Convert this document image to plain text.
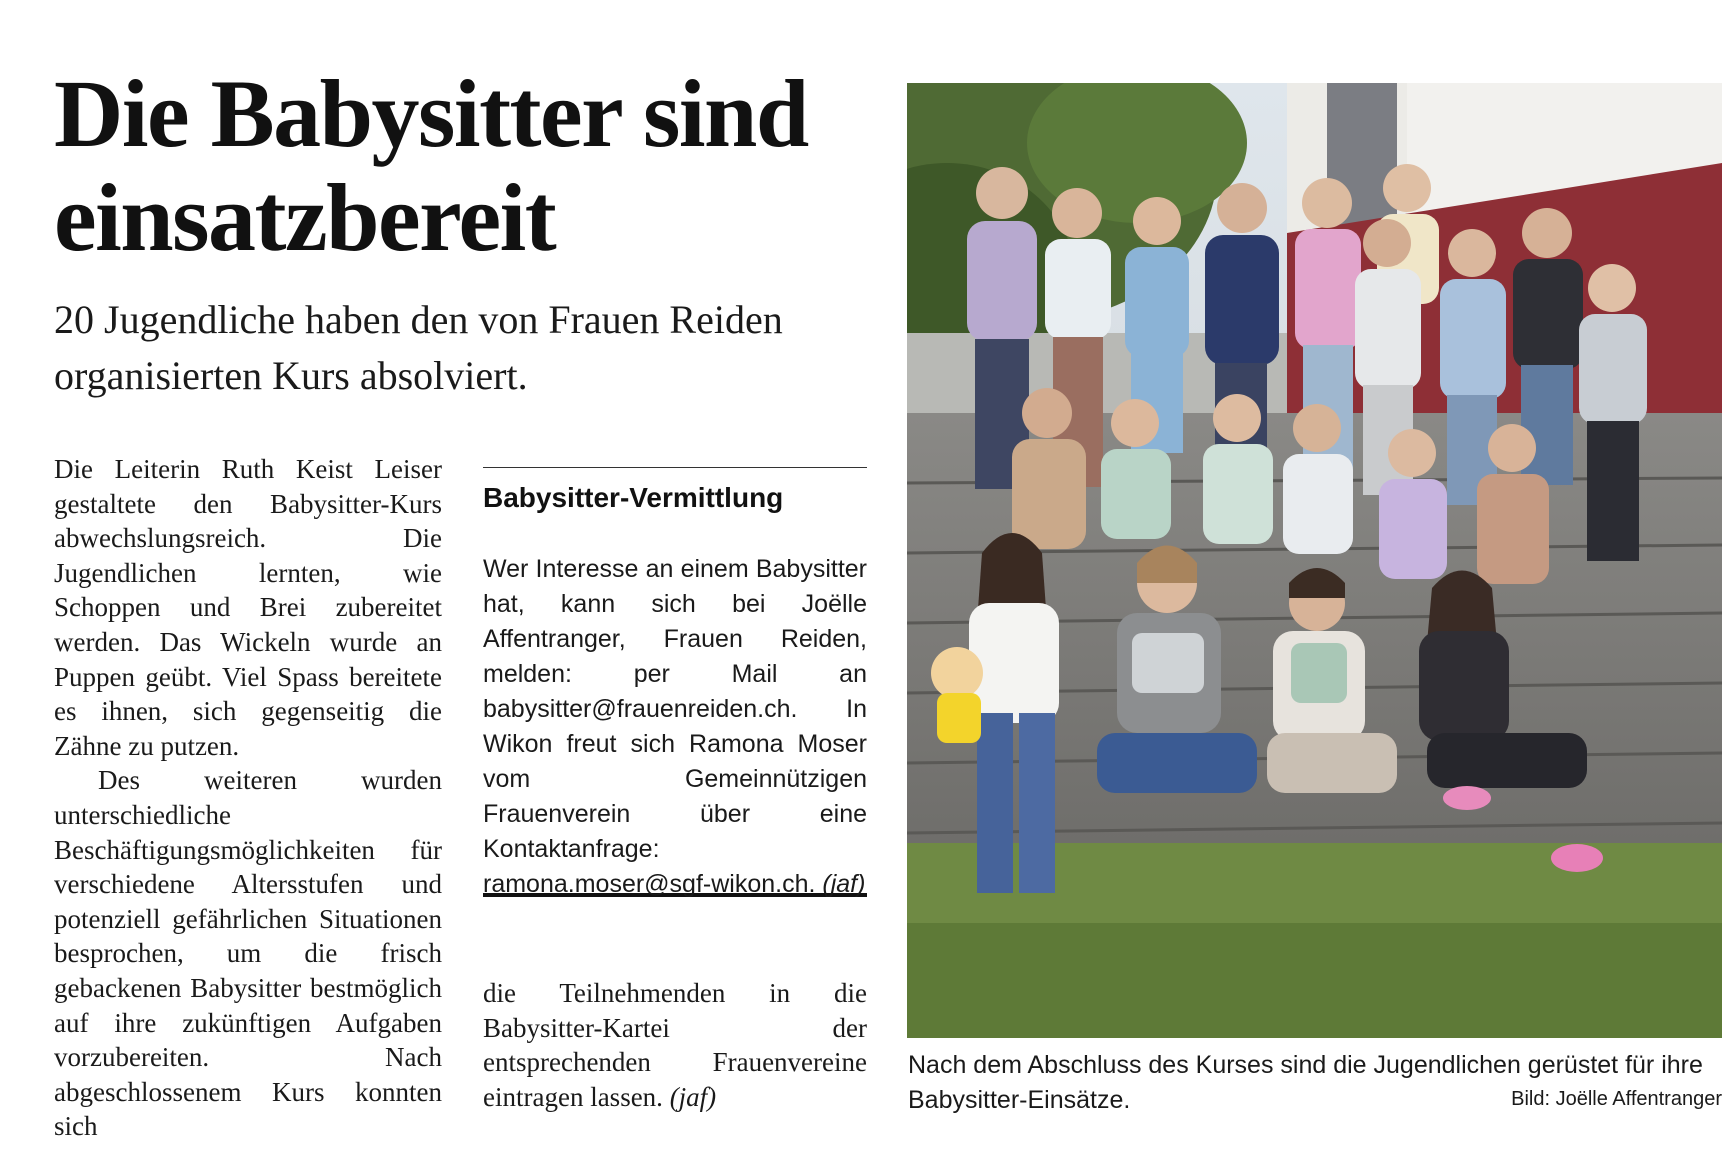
Die Babysitter sind einsatzbereit

20 Jugendliche haben den von Frauen Reiden organisierten Kurs absolviert.

Die Leiterin Ruth Keist Leiser gestaltete den Babysitter-Kurs abwechslungsreich. Die Jugendlichen lernten, wie Schoppen und Brei zubereitet werden. Das Wickeln wurde an Puppen geübt. Viel Spass bereitete es ihnen, sich gegenseitig die Zähne zu putzen.

Des weiteren wurden unterschiedliche Beschäftigungsmöglichkeiten für verschiedene Altersstufen und potenziell gefährlichen Situationen besprochen, um die frisch gebackenen Babysitter bestmöglich auf ihre zukünftigen Aufgaben vorzubereiten. Nach abgeschlossenem Kurs konnten sich

Babysitter-Vermittlung

Wer Interesse an einem Babysitter hat, kann sich bei Joëlle Affentranger, Frauen Reiden, melden: per Mail an babysitter@frauenreiden.ch. In Wikon freut sich Ramona Moser vom Gemeinnützigen Frauenverein über eine Kontaktanfrage: ramona.moser@sgf-wikon.ch. (jaf)

die Teilnehmenden in die Babysitter-Kartei der entsprechenden Frauenvereine eintragen lassen. (jaf)

Nach dem Abschluss des Kurses sind die Jugendlichen gerüstet für ihre Babysitter-Einsätze.	Bild: Joëlle Affentranger
